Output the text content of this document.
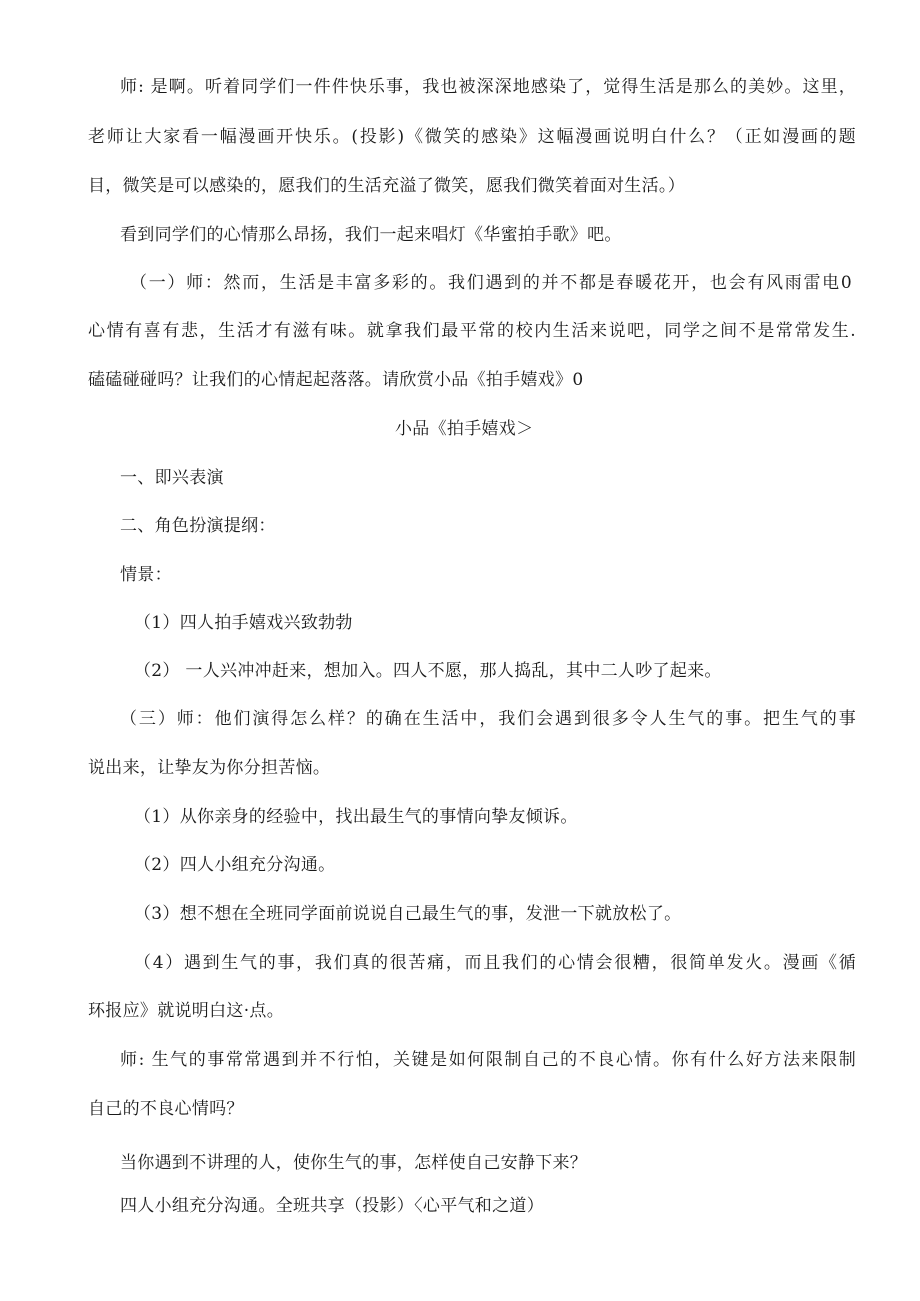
师: 是啊。听着同学们一件件快乐事，我也被深深地感染了，觉得生活是那么的美妙。这里，
老师让大家看一幅漫画开快乐。(投影)《微笑的感染》这幅漫画说明白什么？（正如漫画的题
目，微笑是可以感染的，愿我们的生活充溢了微笑，愿我们微笑着面对生活。）
看到同学们的心情那么昂扬，我们一起来唱灯《华蜜拍手歌》吧。
（一）师：然而，生活是丰富多彩的。我们遇到的并不都是春暖花开，也会有风雨雷电0
心情有喜有悲，生活才有滋有味。就拿我们最平常的校内生活来说吧，同学之间不是常常发生.
磕磕碰碰吗？让我们的心情起起落落。请欣赏小品《拍手嬉戏》0
小品《拍手嬉戏＞
一、即兴表演
二、角色扮演提纲：
情景：
（1）四人拍手嬉戏兴致勃勃
（2） 一人兴冲冲赶来，想加入。四人不愿，那人捣乱，其中二人吵了起来。
（三）师：他们演得怎么样？的确在生活中，我们会遇到很多令人生气的事。把生气的事
说出来，让挚友为你分担苦恼。
（1）从你亲身的经验中，找出最生气的事情向挚友倾诉。
（2）四人小组充分沟通。
（3）想不想在全班同学面前说说自己最生气的事，发泄一下就放松了。
（4）遇到生气的事，我们真的很苦痛，而且我们的心情会很糟，很简单发火。漫画《循
环报应》就说明白这·点。
师: 生气的事常常遇到并不行怕，关键是如何限制自己的不良心情。你有什么好方法来限制
自己的不良心情吗？
当你遇到不讲理的人，使你生气的事，怎样使自己安静下来？
四人小组充分沟通。全班共享（投影）〈心平气和之道）
